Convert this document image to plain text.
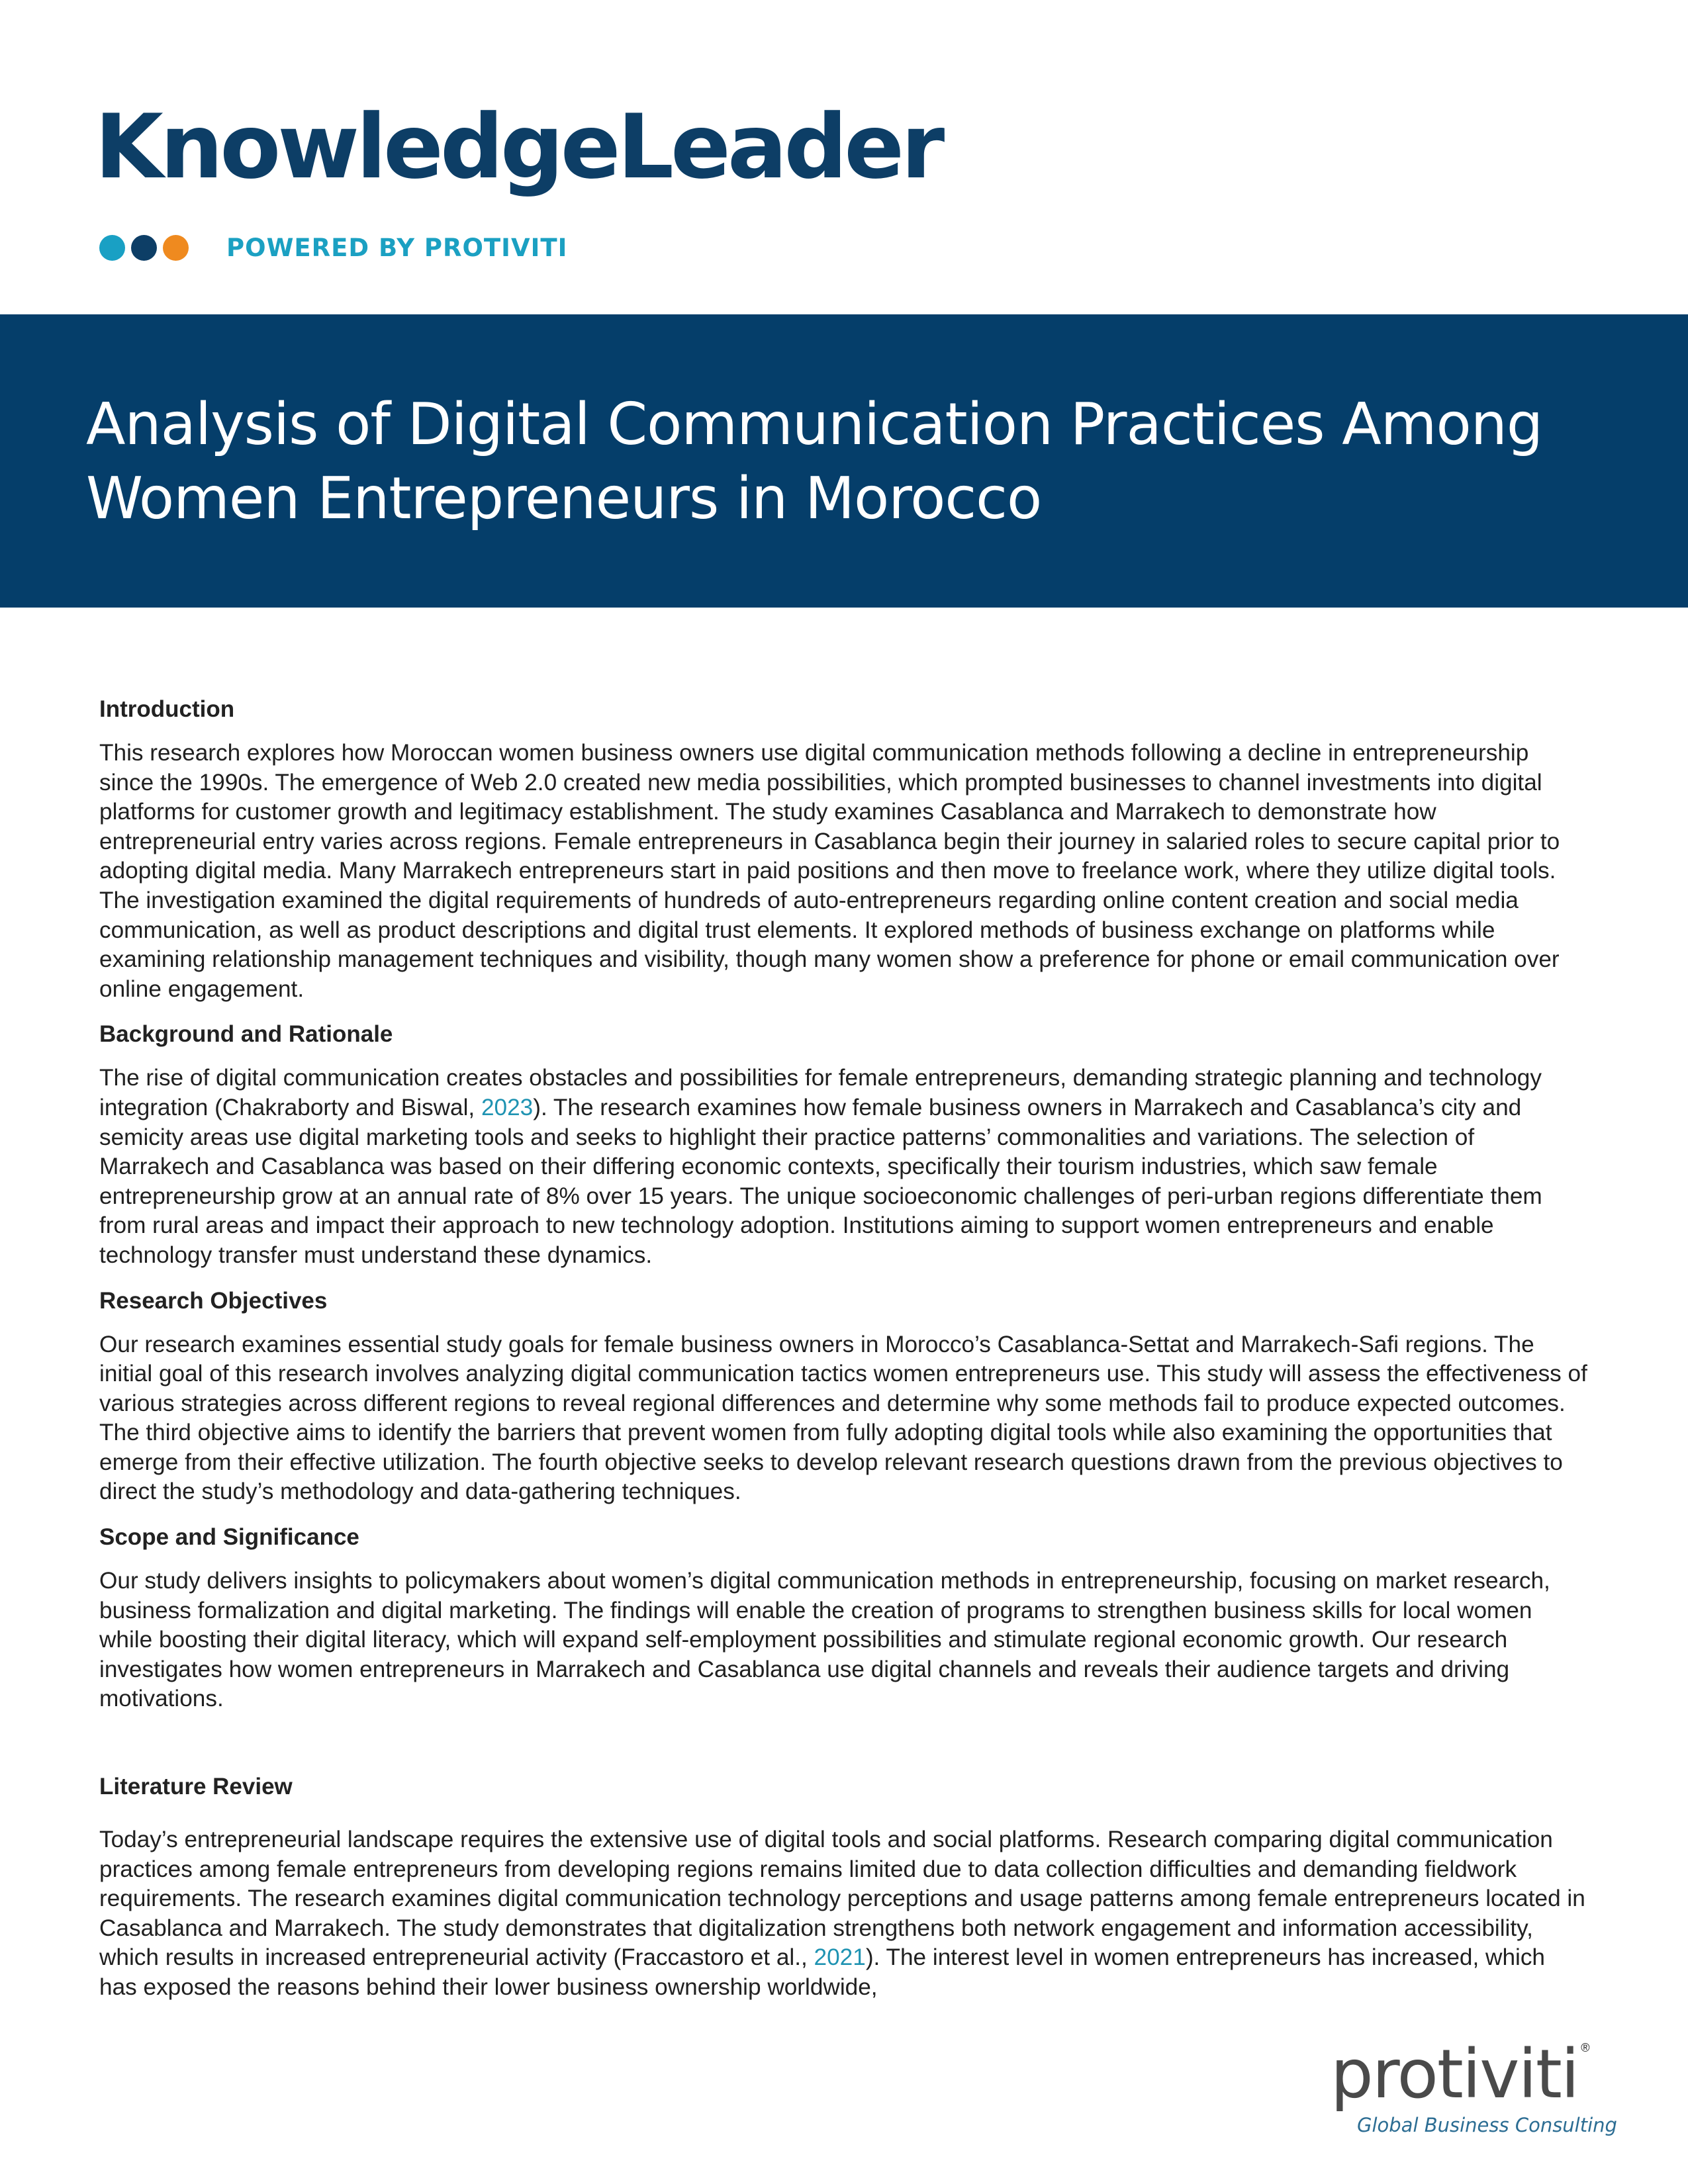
KnowledgeLeader
POWERED BY PROTIVITI
Analysis of Digital Communication Practices Among
Women Entrepreneurs in Morocco
Introduction

This research explores how Moroccan women business owners use digital communication methods following a decline in entrepreneurship since the 1990s. The emergence of Web 2.0 created new media possibilities, which prompted businesses to channel investments into digital platforms for customer growth and legitimacy establishment. The study examines Casablanca and Marrakech to demonstrate how entrepreneurial entry varies across regions. Female entrepreneurs in Casablanca begin their journey in salaried roles to secure capital prior to adopting digital media. Many Marrakech entrepreneurs start in paid positions and then move to freelance work, where they utilize digital tools. The investigation examined the digital requirements of hundreds of auto-entrepreneurs regarding online content creation and social media communication, as well as product descriptions and digital trust elements. It explored methods of business exchange on platforms while examining relationship management techniques and visibility, though many women show a preference for phone or email communication over online engagement.

Background and Rationale

The rise of digital communication creates obstacles and possibilities for female entrepreneurs, demanding strategic planning and technology integration (Chakraborty and Biswal, 2023). The research examines how female business owners in Marrakech and Casablanca’s city and semicity areas use digital marketing tools and seeks to highlight their practice patterns’ commonalities and variations. The selection of Marrakech and Casablanca was based on their differing economic contexts, specifically their tourism industries, which saw female entrepreneurship grow at an annual rate of 8% over 15 years. The unique socioeconomic challenges of peri-urban regions differentiate them from rural areas and impact their approach to new technology adoption. Institutions aiming to support women entrepreneurs and enable technology transfer must understand these dynamics.

Research Objectives

Our research examines essential study goals for female business owners in Morocco’s Casablanca-Settat and Marrakech-Safi regions. The initial goal of this research involves analyzing digital communication tactics women entrepreneurs use. This study will assess the effectiveness of various strategies across different regions to reveal regional differences and determine why some methods fail to produce expected outcomes. The third objective aims to identify the barriers that prevent women from fully adopting digital tools while also examining the opportunities that emerge from their effective utilization. The fourth objective seeks to develop relevant research questions drawn from the previous objectives to direct the study’s methodology and data-gathering techniques.

Scope and Significance

Our study delivers insights to policymakers about women’s digital communication methods in entrepreneurship, focusing on market research, business formalization and digital marketing. The findings will enable the creation of programs to strengthen business skills for local women while boosting their digital literacy, which will expand self-employment possibilities and stimulate regional economic growth. Our research investigates how women entrepreneurs in Marrakech and Casablanca use digital channels and reveals their audience targets and driving motivations.

Literature Review

Today’s entrepreneurial landscape requires the extensive use of digital tools and social platforms. Research comparing digital communication practices among female entrepreneurs from developing regions remains limited due to data collection difficulties and demanding fieldwork requirements. The research examines digital communication technology perceptions and usage patterns among female entrepreneurs located in Casablanca and Marrakech. The study demonstrates that digitalization strengthens both network engagement and information accessibility, which results in increased entrepreneurial activity (Fraccastoro et al., 2021). The interest level in women entrepreneurs has increased, which has exposed the reasons behind their lower business ownership worldwide,

protiviti ®
Global Business Consulting
